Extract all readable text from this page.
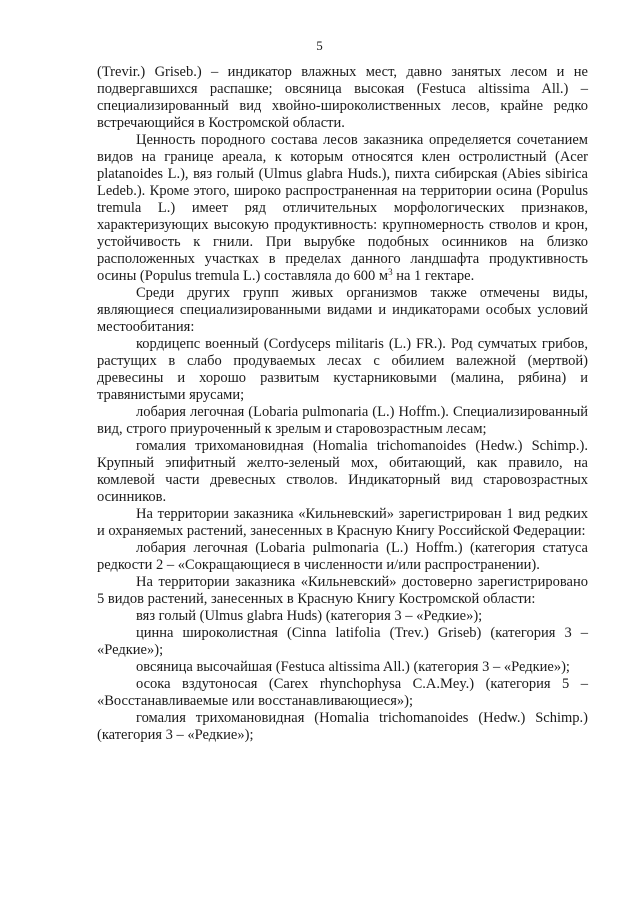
5

(Trevir.) Griseb.) – индикатор влажных мест, давно занятых лесом и не подвергавшихся распашке; овсяница высокая (Festuca altissima All.) – специализированный вид хвойно-широколиственных лесов, крайне редко встречающийся в Костромской области.

Ценность породного состава лесов заказника определяется сочетанием видов на границе ареала, к которым относятся клен остролистный (Acer platanoides L.), вяз голый (Ulmus glabra Huds.), пихта сибирская (Abies sibirica Ledeb.). Кроме этого, широко распространенная на территории осина (Populus tremula L.) имеет ряд отличительных морфологических признаков, характеризующих высокую продуктивность: крупномерность стволов и крон, устойчивость к гнили. При вырубке подобных осинников на близко расположенных участках в пределах данного ландшафта продуктивность осины (Populus tremula L.) составляла до 600 $м^3$ на 1 гектаре.

Среди других групп живых организмов также отмечены виды, являющиеся специализированными видами и индикаторами особых условий местообитания:

кордицепс военный (Cordyceps militaris (L.) FR.). Род сумчатых грибов, растущих в слабо продуваемых лесах с обилием валежной (мертвой) древесины и хорошо развитым кустарниковыми (малина, рябина) и травянистыми ярусами;

лобария легочная (Lobaria pulmonaria (L.) Hoffm.). Специализированный вид, строго приуроченный к зрелым и старовозрастным лесам;

гомалия трихомановидная (Homalia trichomanoides (Hedw.) Schimp.). Крупный эпифитный желто-зеленый мох, обитающий, как правило, на комлевой части древесных стволов. Индикаторный вид старовозрастных осинников.

На территории заказника «Кильневский» зарегистрирован 1 вид редких и охраняемых растений, занесенных в Красную Книгу Российской Федерации:

лобария легочная (Lobaria pulmonaria (L.) Hoffm.) (категория статуса редкости 2 – «Сокращающиеся в численности и/или распространении).

На территории заказника «Кильневский» достоверно зарегистрировано 5 видов растений, занесенных в Красную Книгу Костромской области:

вяз голый (Ulmus glabra Huds) (категория 3 – «Редкие»);

цинна широколистная (Cinna latifolia (Trev.) Griseb) (категория 3 – «Редкие»);

овсяница высочайшая (Festuca altissima All.) (категория 3 – «Редкие»);

осока вздутоносая (Carex rhynchophysa C.A.Mey.) (категория 5 – «Восстанавливаемые или восстанавливающиеся»);

гомалия трихомановидная (Homalia trichomanoides (Hedw.) Schimp.) (категория 3 – «Редкие»);
